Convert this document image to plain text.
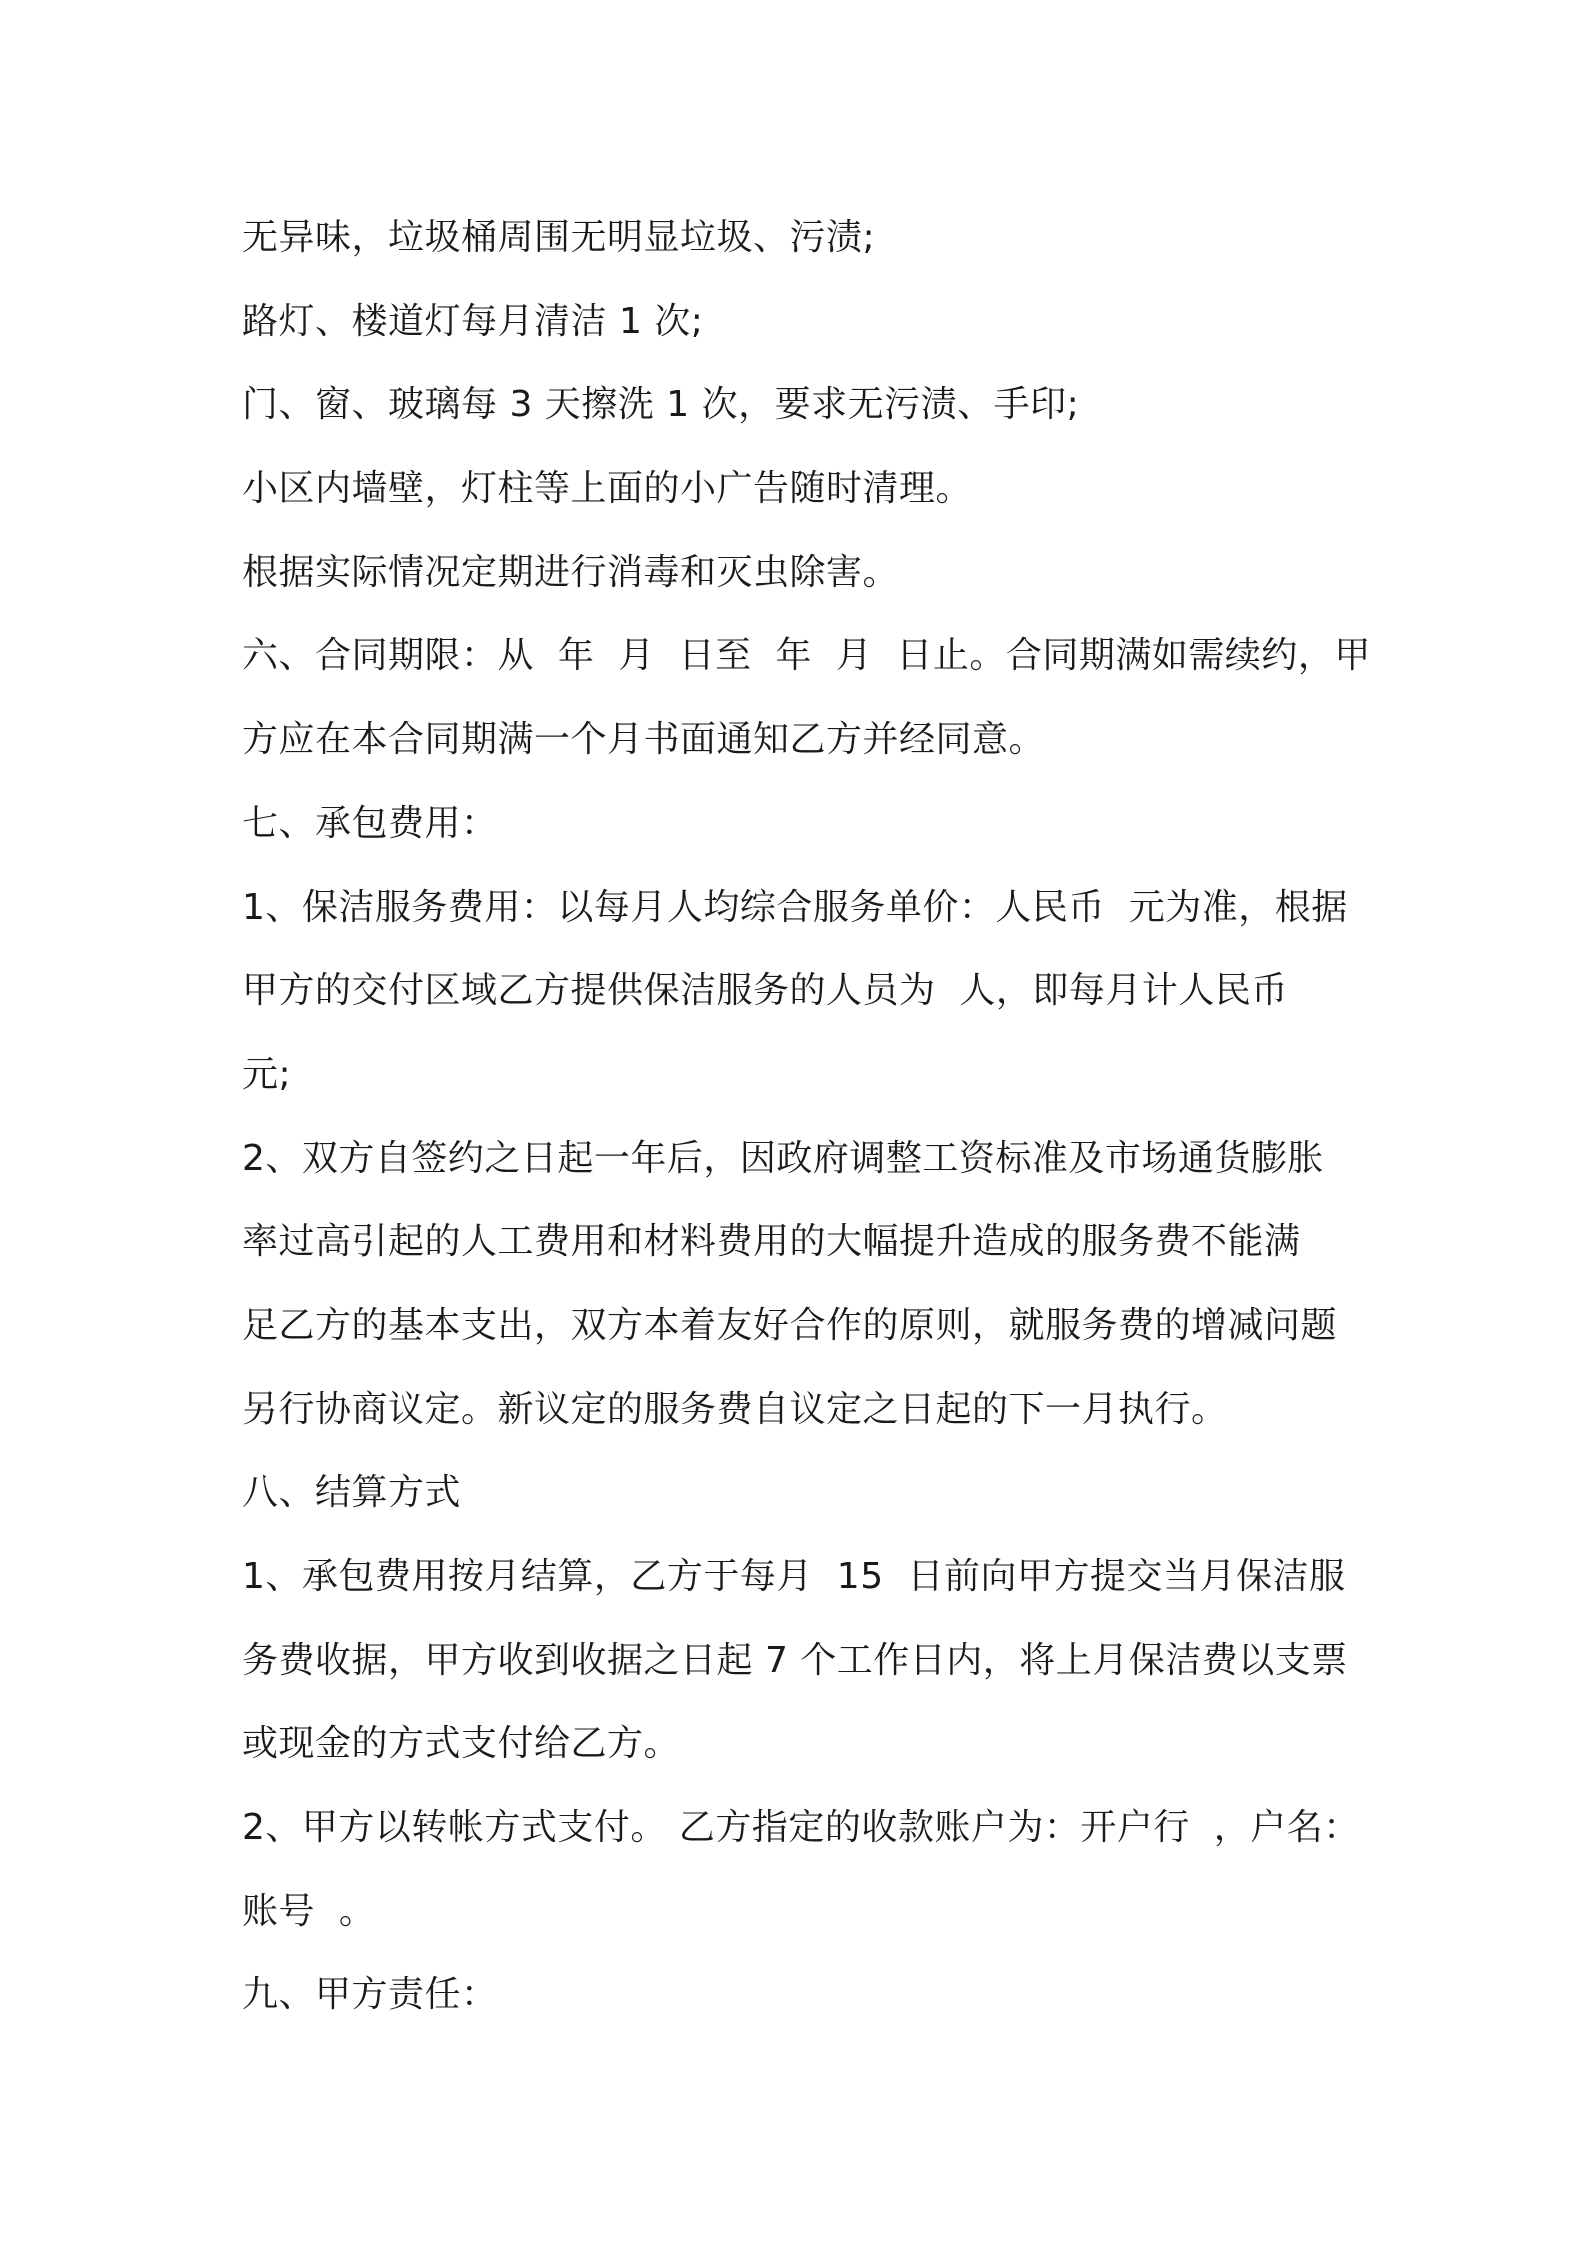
无异味，垃圾桶周围无明显垃圾、污渍;

路灯、楼道灯每月清洁 1 次;

门、窗、玻璃每 3 天擦洗 1 次，要求无污渍、手印;

小区内墙壁，灯柱等上面的小广告随时清理。

根据实际情况定期进行消毒和灭虫除害。

六、合同期限：从  年  月  日至  年  月  日止。合同期满如需续约，甲

方应在本合同期满一个月书面通知乙方并经同意。

七、承包费用：

1、保洁服务费用：以每月人均综合服务单价：人民币  元为准，根据

甲方的交付区域乙方提供保洁服务的人员为  人，即每月计人民币

元;

2、双方自签约之日起一年后，因政府调整工资标准及市场通货膨胀

率过高引起的人工费用和材料费用的大幅提升造成的服务费不能满

足乙方的基本支出，双方本着友好合作的原则，就服务费的增减问题

另行协商议定。新议定的服务费自议定之日起的下一月执行。

八、结算方式

1、承包费用按月结算，乙方于每月  15  日前向甲方提交当月保洁服

务费收据，甲方收到收据之日起 7 个工作日内，将上月保洁费以支票

或现金的方式支付给乙方。

2、甲方以转帐方式支付。 乙方指定的收款账户为：开户行  ，户名：

账号  。

九、甲方责任：
